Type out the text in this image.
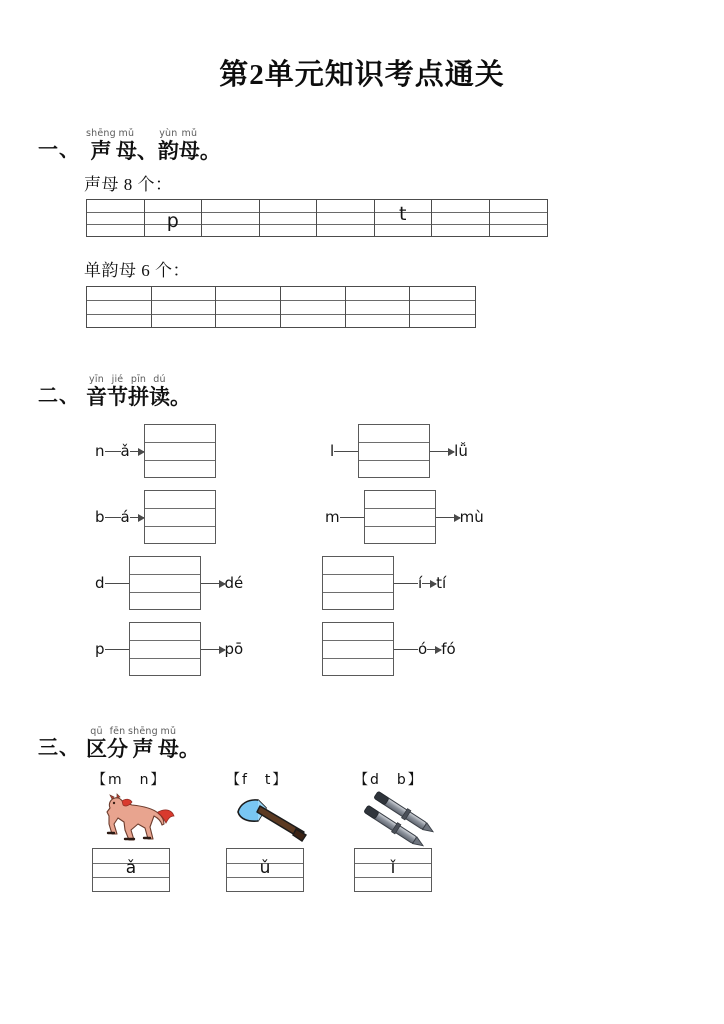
第2单元知识考点通关
一、
shēng
声
mǔ
母 、
yùn
韵
mǔ
母 。
声母 8 个：
p	t
单韵母 6 个：
二、
yīn
音
jié
节
pīn
拼
dú
读 。
n ǎ	l	lǚ
b á	m	mù
d	dé	í tí
p	pō	ó fó
三、
qū
区
fēn
分
shēng
声
mǔ
母 。
【m　n】
ǎ
【f　t】
ǔ
【d　b】
ǐ
